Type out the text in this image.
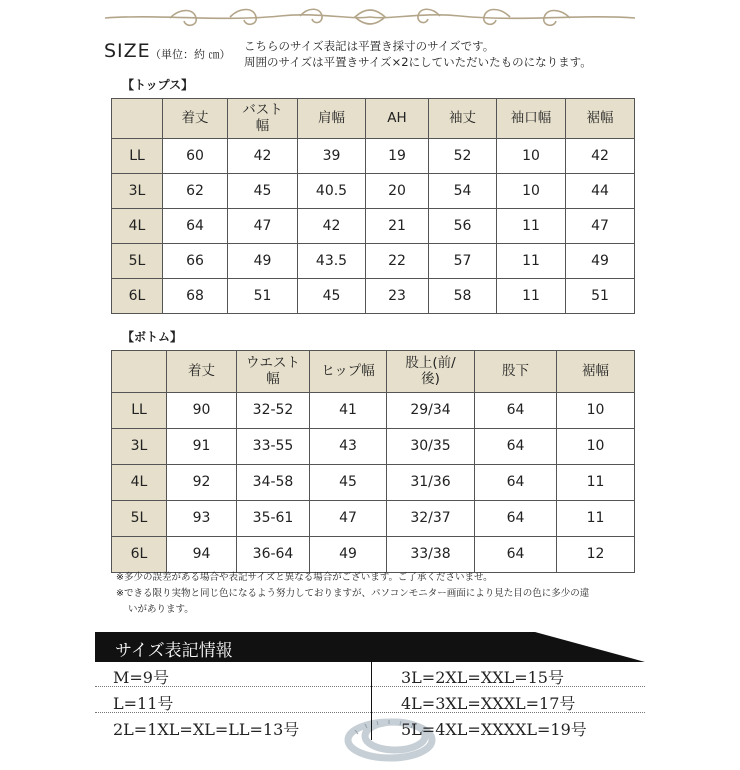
SIZE （単位：約 ㎝）
こちらのサイズ表記は平置き採寸のサイズです。
周囲のサイズは平置きサイズ×2にしていただいたものになります。
【トップス】
	着丈	バスト幅	肩幅	AH	袖丈	袖口幅	裾幅
LL	60	42	39	19	52	10	42
3L	62	45	40.5	20	54	10	44
4L	64	47	42	21	56	11	47
5L	66	49	43.5	22	57	11	49
6L	68	51	45	23	58	11	51
【ボトム】
	着丈	ウエスト幅	ヒップ幅	股上(前/後)	股下	裾幅
LL	90	32-52	41	29/34	64	10
3L	91	33-55	43	30/35	64	10
4L	92	34-58	45	31/36	64	11
5L	93	35-61	47	32/37	64	11
6L	94	36-64	49	33/38	64	12

※多少の誤差がある場合や表記サイズと異なる場合がございます。ご了承くださいませ。

※できる限り実物と同じ色になるよう努力しておりますが、パソコンモニター画面により見た目の色に多少の違

いがあります。

サイズ表記情報
M=9号
L=11号
2L=1XL=XL=LL=13号
3L=2XL=XXL=15号
4L=3XL=XXXL=17号
5L=4XL=XXXXL=19号
